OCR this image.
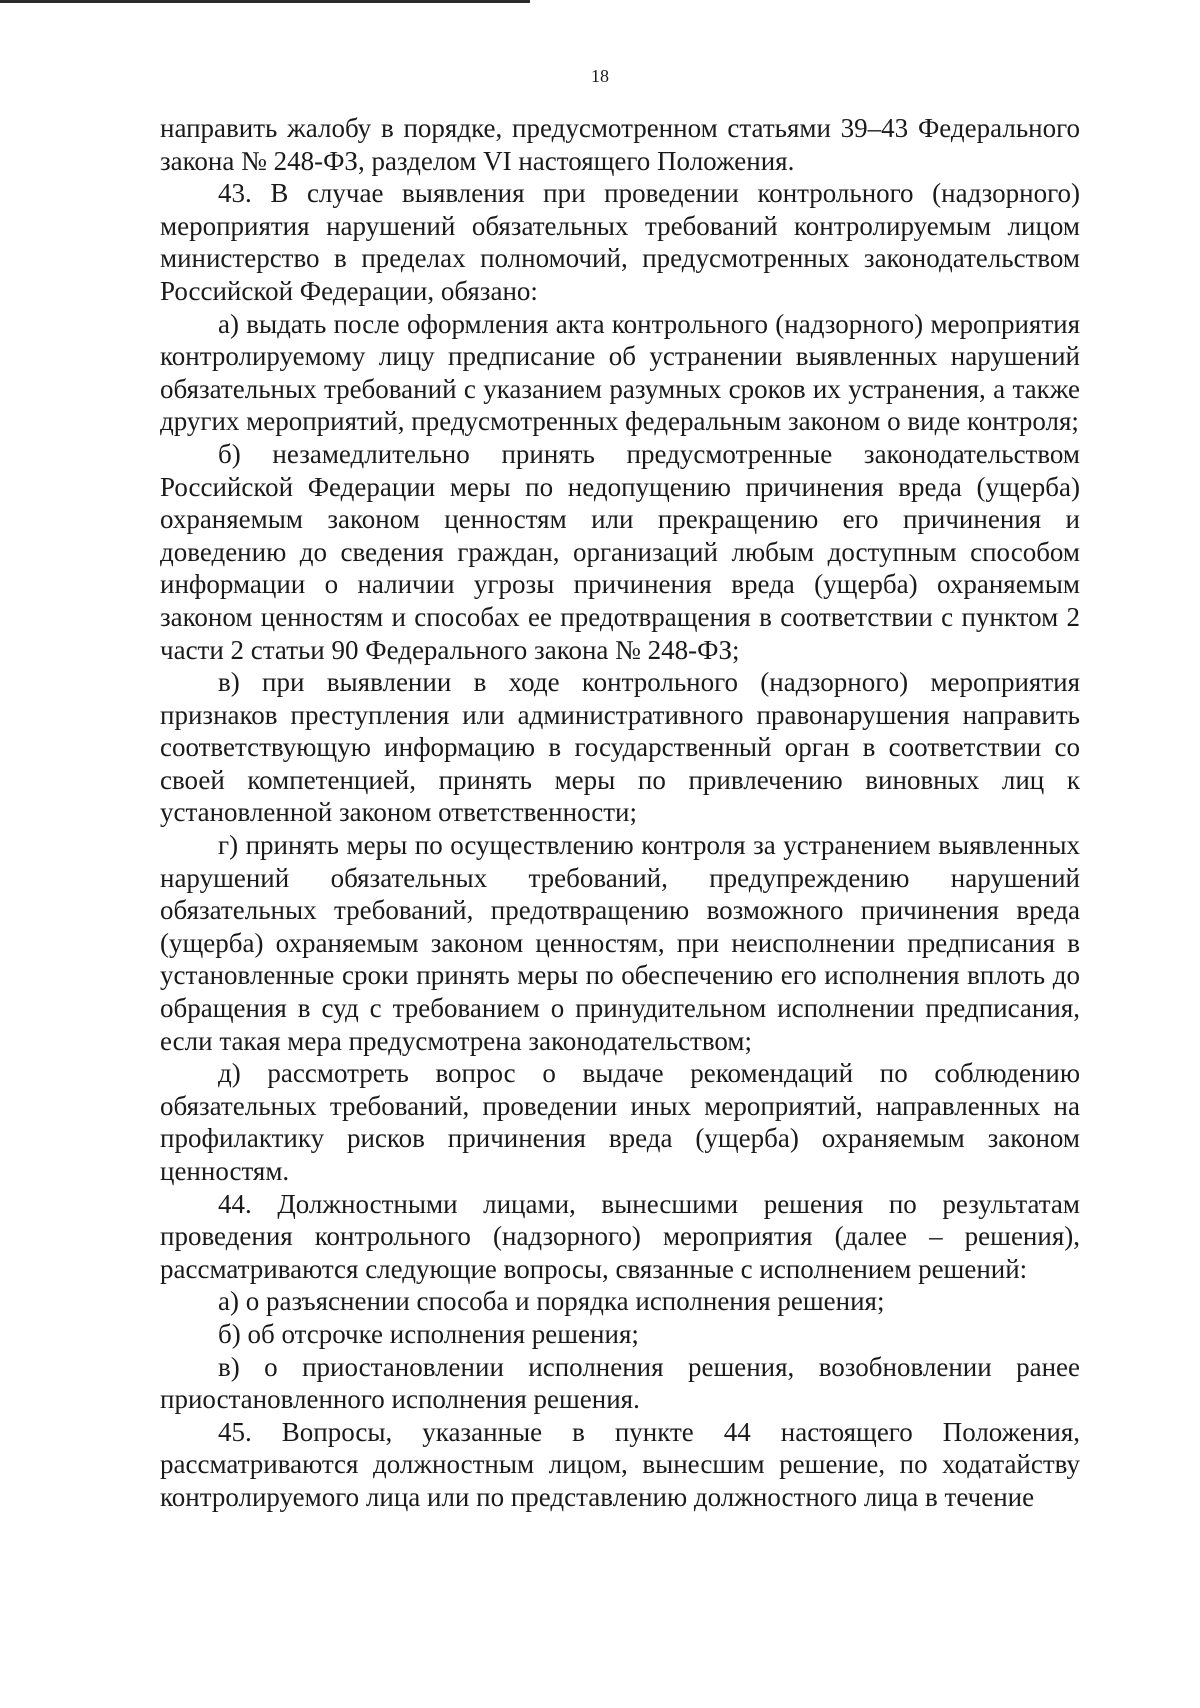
18

направить жалобу в порядке, предусмотренном статьями 39–43 Федерального закона № 248-ФЗ, разделом VI настоящего Положения.

43. В случае выявления при проведении контрольного (надзорного) мероприятия нарушений обязательных требований контролируемым лицом министерство в пределах полномочий, предусмотренных законодательством Российской Федерации, обязано:

а) выдать после оформления акта контрольного (надзорного) мероприятия контролируемому лицу предписание об устранении выявленных нарушений обязательных требований с указанием разумных сроков их устранения, а также других мероприятий, предусмотренных федеральным законом о виде контроля;

б) незамедлительно принять предусмотренные законодательством Российской Федерации меры по недопущению причинения вреда (ущерба) охраняемым законом ценностям или прекращению его причинения и доведению до сведения граждан, организаций любым доступным способом информации о наличии угрозы причинения вреда (ущерба) охраняемым законом ценностям и способах ее предотвращения в соответствии с пунктом 2 части 2 статьи 90 Федерального закона № 248-ФЗ;

в) при выявлении в ходе контрольного (надзорного) мероприятия признаков преступления или административного правонарушения направить соответствующую информацию в государственный орган в соответствии со своей компетенцией, принять меры по привлечению виновных лиц к установленной законом ответственности;

г) принять меры по осуществлению контроля за устранением выявленных нарушений обязательных требований, предупреждению нарушений обязательных требований, предотвращению возможного причинения вреда (ущерба) охраняемым законом ценностям, при неисполнении предписания в установленные сроки принять меры по обеспечению его исполнения вплоть до обращения в суд с требованием о принудительном исполнении предписания, если такая мера предусмотрена законодательством;

д) рассмотреть вопрос о выдаче рекомендаций по соблюдению обязательных требований, проведении иных мероприятий, направленных на профилактику рисков причинения вреда (ущерба) охраняемым законом ценностям.

44. Должностными лицами, вынесшими решения по результатам проведения контрольного (надзорного) мероприятия (далее – решения), рассматриваются следующие вопросы, связанные с исполнением решений:

а) о разъяснении способа и порядка исполнения решения;

б) об отсрочке исполнения решения;

в) о приостановлении исполнения решения, возобновлении ранее приостановленного исполнения решения.

45. Вопросы, указанные в пункте 44 настоящего Положения, рассматриваются должностным лицом, вынесшим решение, по ходатайству контролируемого лица или по представлению должностного лица в течение
